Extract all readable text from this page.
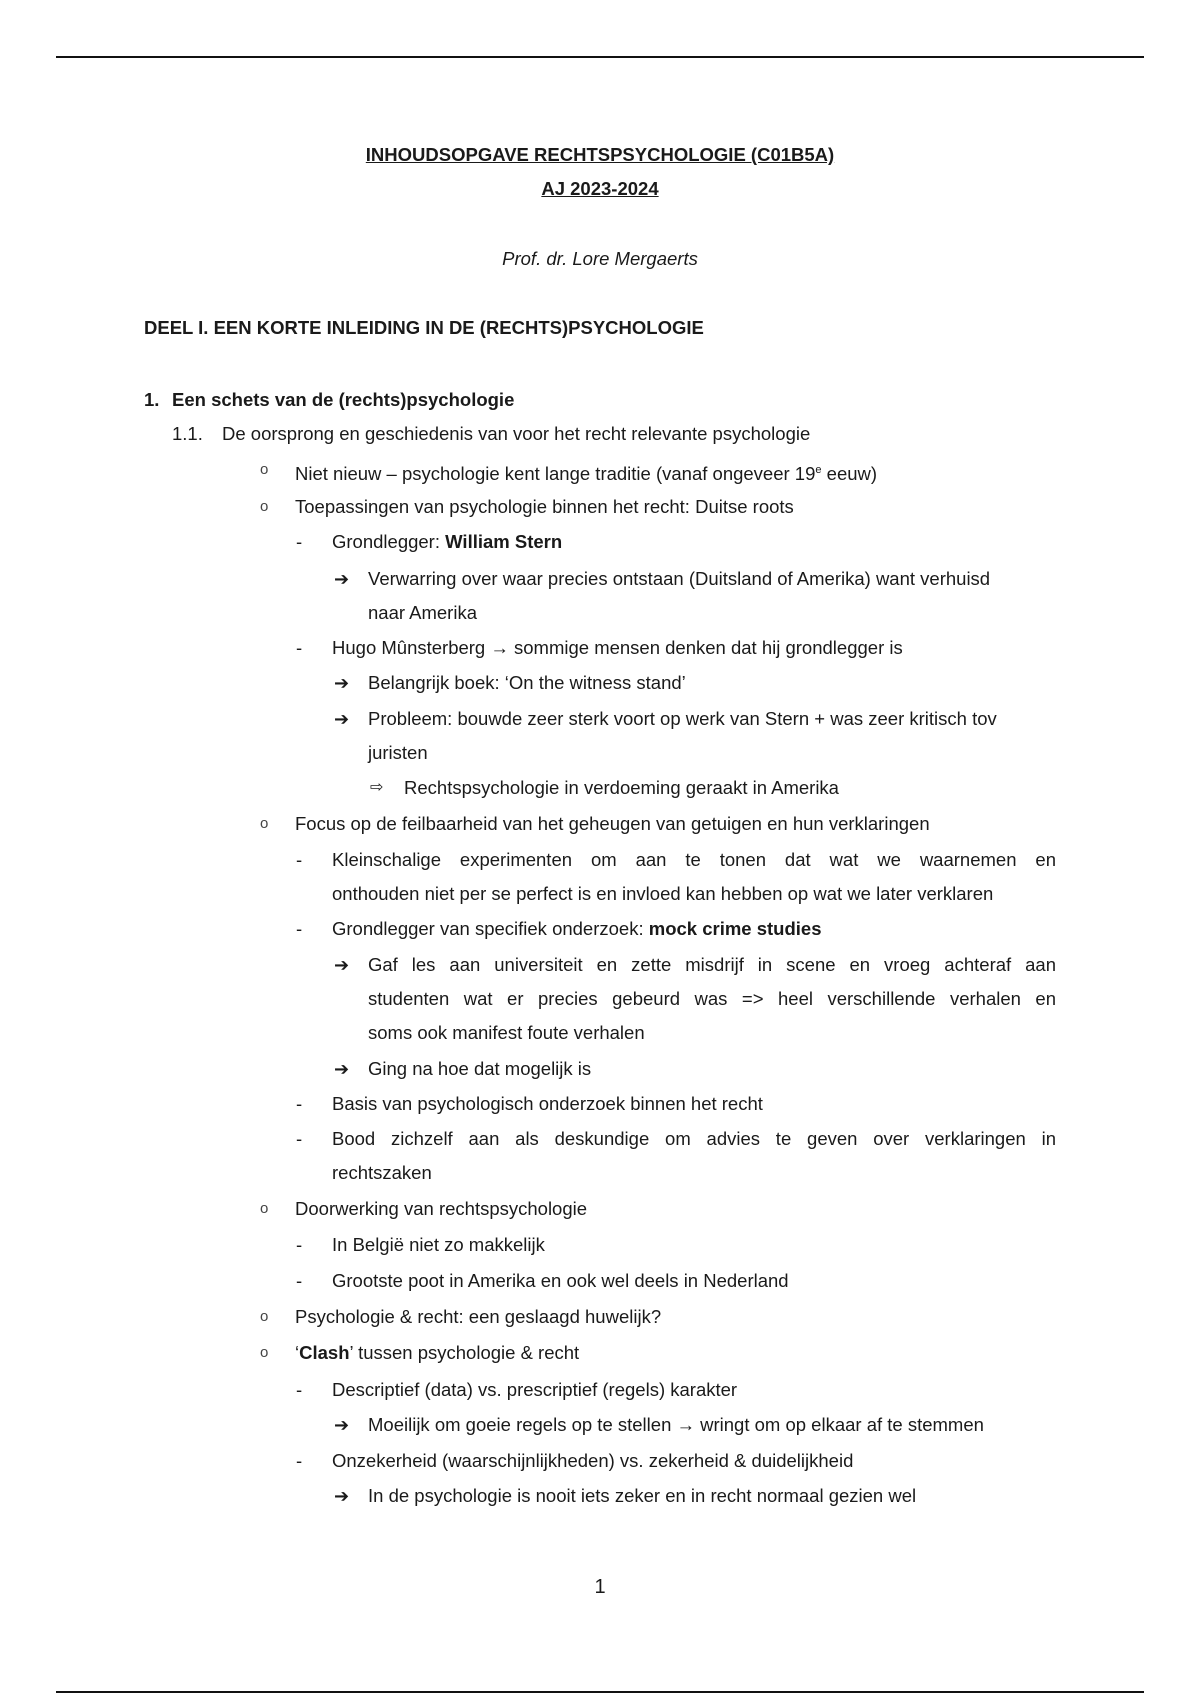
INHOUDSOPGAVE RECHTSPSYCHOLOGIE (C01B5A)
AJ 2023-2024
Prof. dr. Lore Mergaerts
DEEL I. EEN KORTE INLEIDING IN DE (RECHTS)PSYCHOLOGIE
1. Een schets van de (rechts)psychologie
1.1. De oorsprong en geschiedenis van voor het recht relevante psychologie
o Niet nieuw – psychologie kent lange traditie (vanaf ongeveer 19e eeuw)
o Toepassingen van psychologie binnen het recht: Duitse roots
- Grondlegger: William Stern
➔ Verwarring over waar precies ontstaan (Duitsland of Amerika) want verhuisd
naar Amerika
- Hugo Mûnsterberg → sommige mensen denken dat hij grondlegger is
➔ Belangrijk boek: ‘On the witness stand’
➔ Probleem: bouwde zeer sterk voort op werk van Stern + was zeer kritisch tov
juristen
⇨ Rechtspsychologie in verdoeming geraakt in Amerika
o Focus op de feilbaarheid van het geheugen van getuigen en hun verklaringen
- Kleinschalige experimenten om aan te tonen dat wat we waarnemen en
onthouden niet per se perfect is en invloed kan hebben op wat we later verklaren
- Grondlegger van specifiek onderzoek: mock crime studies
➔ Gaf les aan universiteit en zette misdrijf in scene en vroeg achteraf aan
studenten wat er precies gebeurd was => heel verschillende verhalen en
soms ook manifest foute verhalen
➔ Ging na hoe dat mogelijk is
- Basis van psychologisch onderzoek binnen het recht
- Bood zichzelf aan als deskundige om advies te geven over verklaringen in
rechtszaken
o Doorwerking van rechtspsychologie
- In België niet zo makkelijk
- Grootste poot in Amerika en ook wel deels in Nederland
o Psychologie & recht: een geslaagd huwelijk?
o ‘Clash’ tussen psychologie & recht
- Descriptief (data) vs. prescriptief (regels) karakter
➔ Moeilijk om goeie regels op te stellen → wringt om op elkaar af te stemmen
- Onzekerheid (waarschijnlijkheden) vs. zekerheid & duidelijkheid
➔ In de psychologie is nooit iets zeker en in recht normaal gezien wel
1
